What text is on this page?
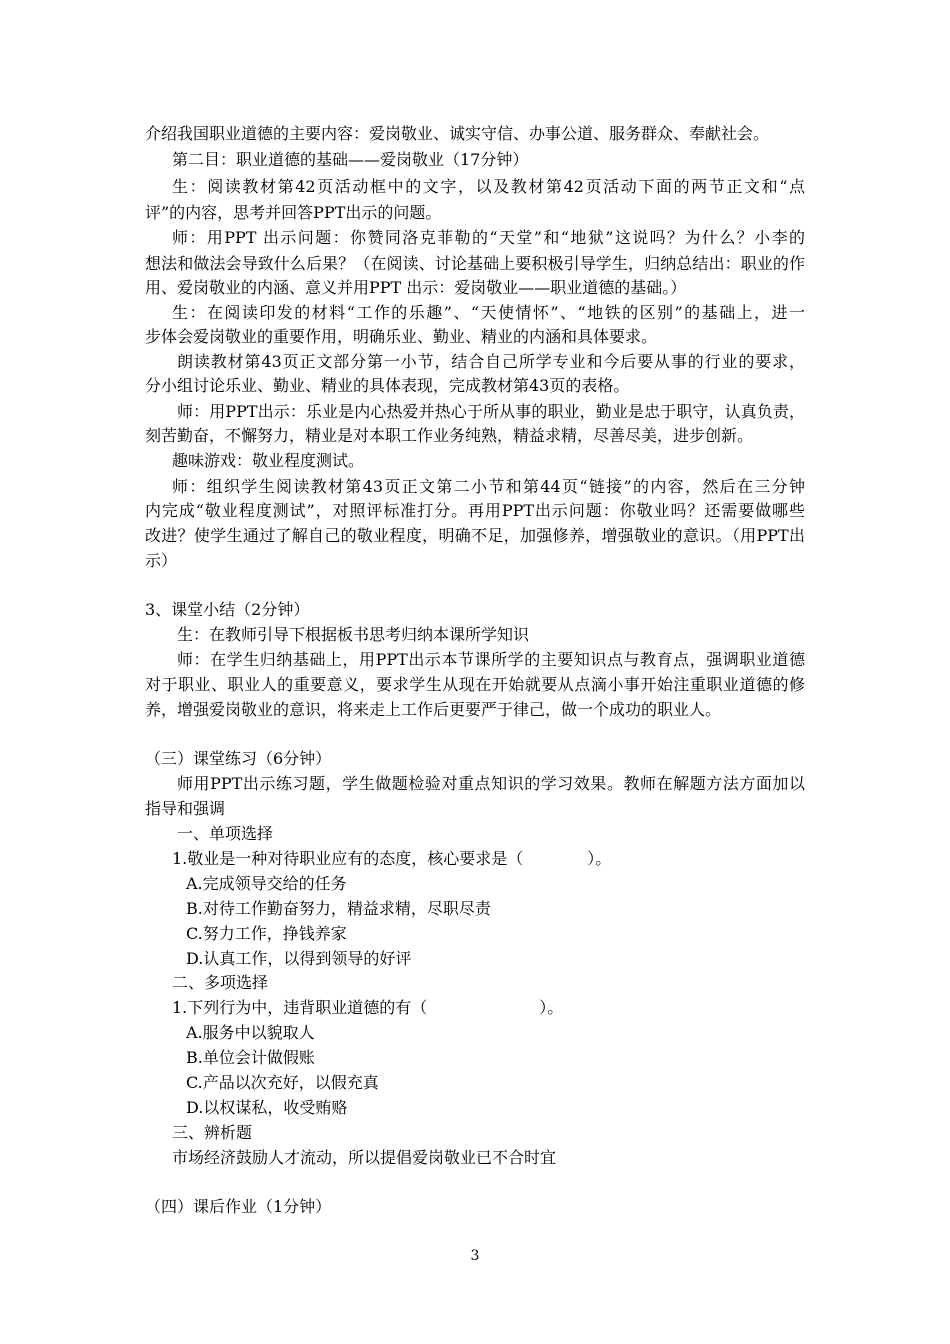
介绍我国职业道德的主要内容：爱岗敬业、诚实守信、办事公道、服务群众、奉献社会。
第二目：职业道德的基础——爱岗敬业（17分钟）
生：阅读教材第42页活动框中的文字，以及教材第42页活动下面的两节正文和“点
评”的内容，思考并回答PPT出示的问题。
师：用PPT 出示问题：你赞同洛克菲勒的“天堂”和“地狱”这说吗？为什么？小李的
想法和做法会导致什么后果？（在阅读、讨论基础上要积极引导学生，归纳总结出：职业的作
用、爱岗敬业的内涵、意义并用PPT 出示：爱岗敬业——职业道德的基础。）
生：在阅读印发的材料“工作的乐趣”、“天使情怀”、“地铁的区别”的基础上，进一
步体会爱岗敬业的重要作用，明确乐业、勤业、精业的内涵和具体要求。
朗读教材第43页正文部分第一小节，结合自己所学专业和今后要从事的行业的要求，
分小组讨论乐业、勤业、精业的具体表现，完成教材第43页的表格。
师：用PPT出示：乐业是内心热爱并热心于所从事的职业，勤业是忠于职守，认真负责，
刻苦勤奋，不懈努力，精业是对本职工作业务纯熟，精益求精，尽善尽美，进步创新。
趣味游戏：敬业程度测试。
师：组织学生阅读教材第43页正文第二小节和第44页“链接”的内容，然后在三分钟
内完成“敬业程度测试”，对照评标准打分。再用PPT出示问题：你敬业吗？还需要做哪些
改进？使学生通过了解自己的敬业程度，明确不足，加强修养，增强敬业的意识。（用PPT出
示）
3、课堂小结（2分钟）
生：在教师引导下根据板书思考归纳本课所学知识
师：在学生归纳基础上，用PPT出示本节课所学的主要知识点与教育点，强调职业道德
对于职业、职业人的重要意义，要求学生从现在开始就要从点滴小事开始注重职业道德的修
养，增强爱岗敬业的意识，将来走上工作后更要严于律己，做一个成功的职业人。
（三）课堂练习（6分钟）
师用PPT出示练习题，学生做题检验对重点知识的学习效果。教师在解题方法方面加以
指导和强调
一、单项选择
1.敬业是一种对待职业应有的态度，核心要求是（　　　　）。
A.完成领导交给的任务
B.对待工作勤奋努力，精益求精，尽职尽责
C.努力工作，挣钱养家
D.认真工作，以得到领导的好评
二、多项选择
1.下列行为中，违背职业道德的有（　　　　　　　）。
A.服务中以貌取人
B.单位会计做假账
C.产品以次充好，以假充真
D.以权谋私，收受贿赂
三、辨析题
市场经济鼓励人才流动，所以提倡爱岗敬业已不合时宜
（四）课后作业（1分钟）
3
